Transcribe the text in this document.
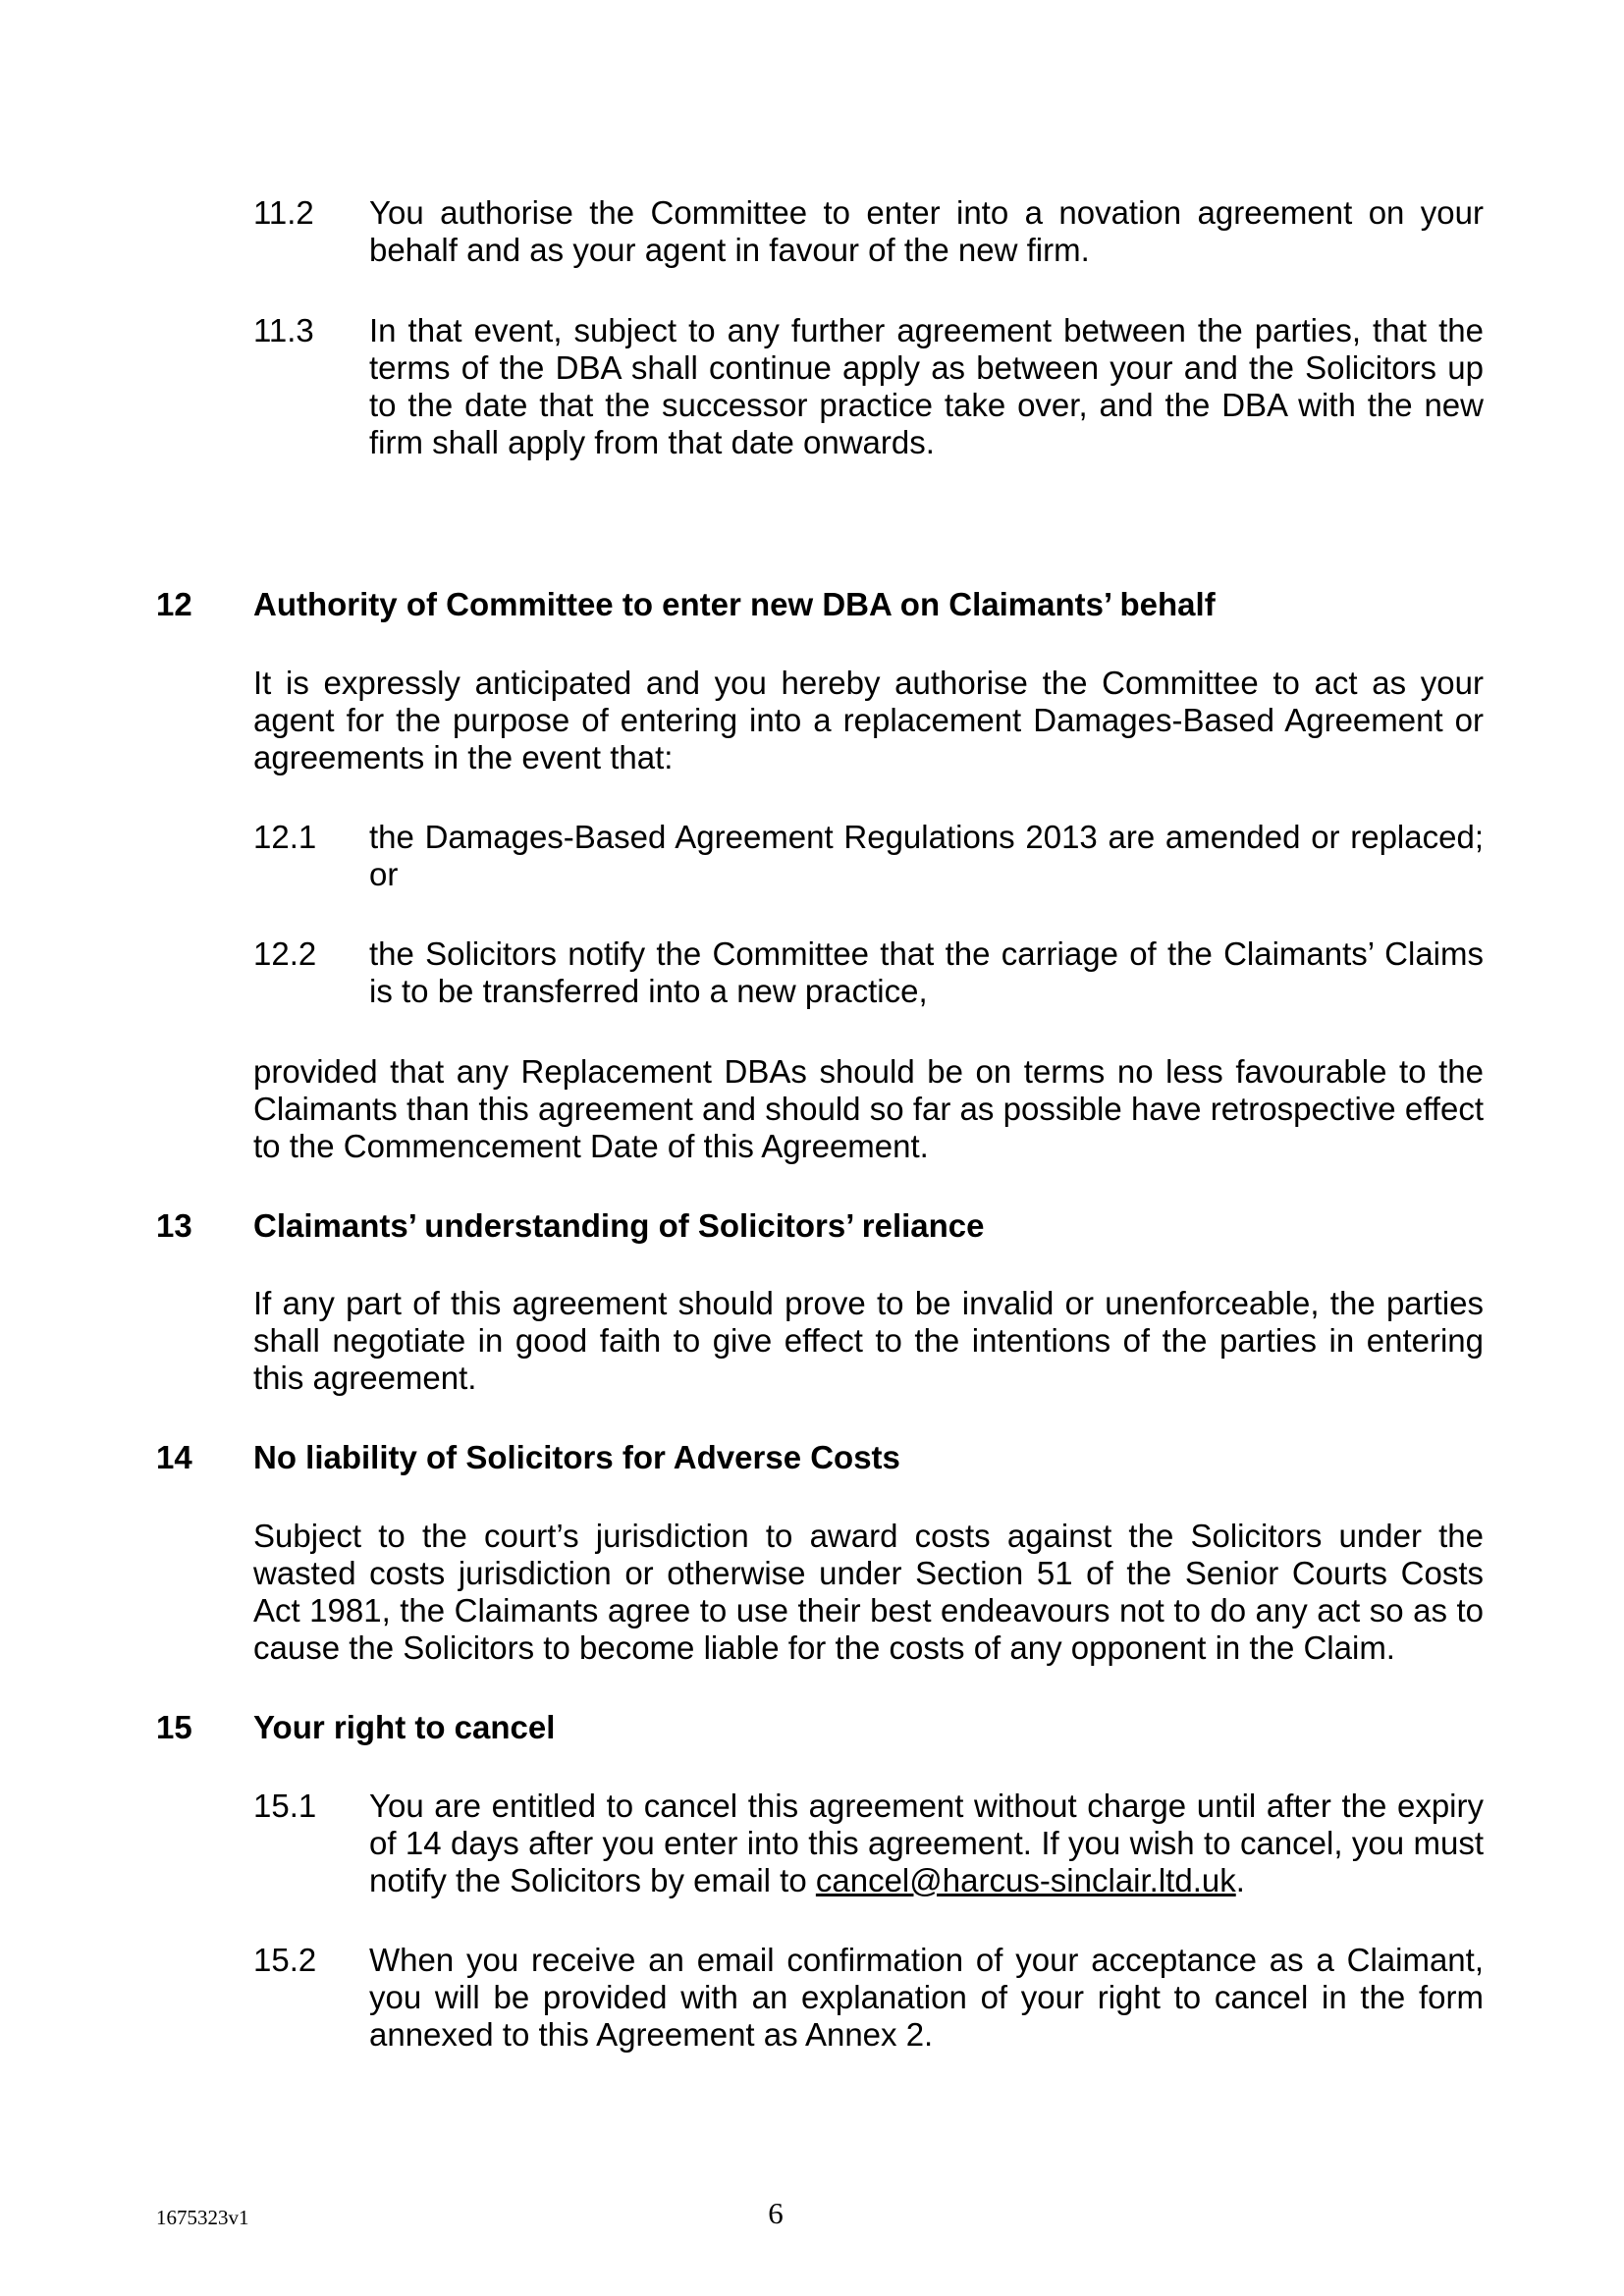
11.2 You authorise the Committee to enter into a novation agreement on your behalf and as your agent in favour of the new firm.
11.3 In that event, subject to any further agreement between the parties, that the terms of the DBA shall continue apply as between your and the Solicitors up to the date that the successor practice take over, and the DBA with the new firm shall apply from that date onwards.
12 Authority of Committee to enter new DBA on Claimants’ behalf
It is expressly anticipated and you hereby authorise the Committee to act as your agent for the purpose of entering into a replacement Damages-Based Agreement or agreements in the event that:
12.1 the Damages-Based Agreement Regulations 2013 are amended or replaced; or
12.2 the Solicitors notify the Committee that the carriage of the Claimants’ Claims is to be transferred into a new practice,
provided that any Replacement DBAs should be on terms no less favourable to the Claimants than this agreement and should so far as possible have retrospective effect to the Commencement Date of this Agreement.
13 Claimants’ understanding of Solicitors’ reliance
If any part of this agreement should prove to be invalid or unenforceable, the parties shall negotiate in good faith to give effect to the intentions of the parties in entering this agreement.
14 No liability of Solicitors for Adverse Costs
Subject to the court’s jurisdiction to award costs against the Solicitors under the wasted costs jurisdiction or otherwise under Section 51 of the Senior Courts Costs Act 1981, the Claimants agree to use their best endeavours not to do any act so as to cause the Solicitors to become liable for the costs of any opponent in the Claim.
15 Your right to cancel
15.1 You are entitled to cancel this agreement without charge until after the expiry of 14 days after you enter into this agreement. If you wish to cancel, you must notify the Solicitors by email to cancel@harcus-sinclair.ltd.uk.
15.2 When you receive an email confirmation of your acceptance as a Claimant, you will be provided with an explanation of your right to cancel in the form annexed to this Agreement as Annex 2.
1675323v1	6
